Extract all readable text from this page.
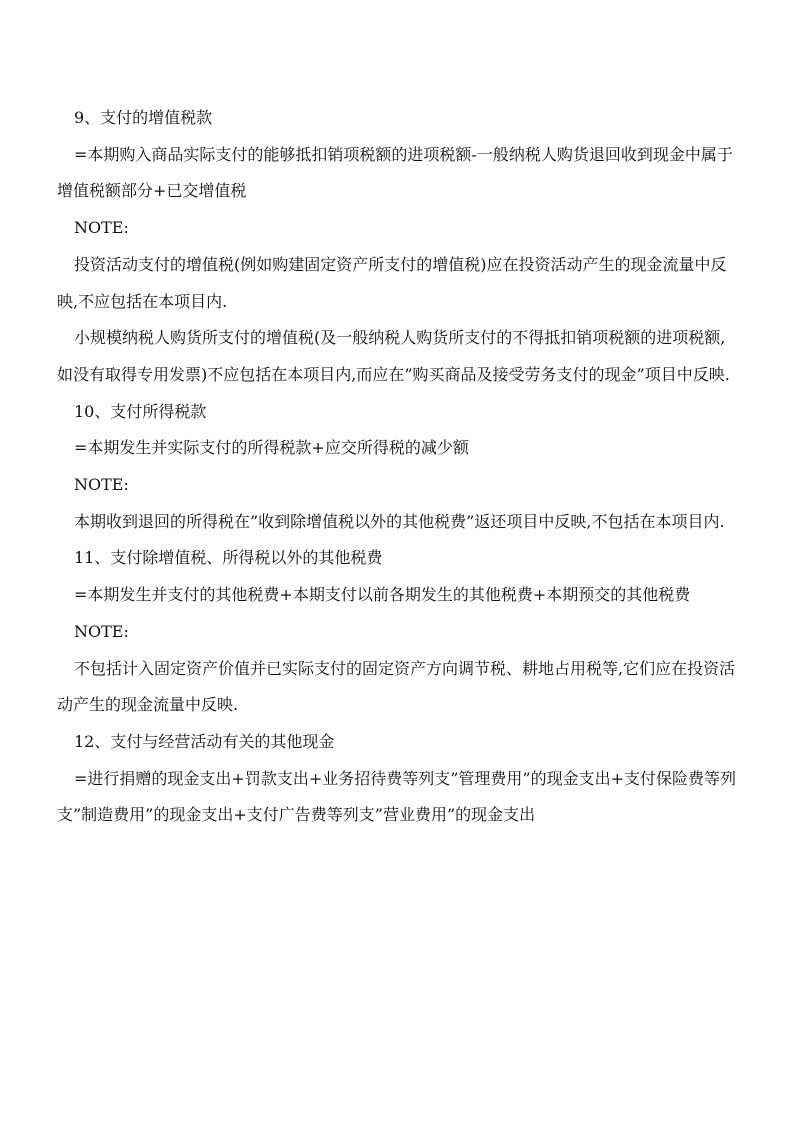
9、支付的增值税款

=本期购入商品实际支付的能够抵扣销项税额的进项税额-一般纳税人购货退回收到现金中属于增值税额部分+已交增值税

NOTE:

投资活动支付的增值税(例如购建固定资产所支付的增值税)应在投资活动产生的现金流量中反映,不应包括在本项目内.

小规模纳税人购货所支付的增值税(及一般纳税人购货所支付的不得抵扣销项税额的进项税额,如没有取得专用发票)不应包括在本项目内,而应在”购买商品及接受劳务支付的现金”项目中反映.

10、支付所得税款

=本期发生并实际支付的所得税款+应交所得税的减少额

NOTE:

本期收到退回的所得税在”收到除增值税以外的其他税费”返还项目中反映,不包括在本项目内.

11、支付除增值税、所得税以外的其他税费

=本期发生并支付的其他税费+本期支付以前各期发生的其他税费+本期预交的其他税费

NOTE:

不包括计入固定资产价值并已实际支付的固定资产方向调节税、耕地占用税等,它们应在投资活动产生的现金流量中反映.

12、支付与经营活动有关的其他现金

=进行捐赠的现金支出+罚款支出+业务招待费等列支”管理费用”的现金支出+支付保险费等列支”制造费用”的现金支出+支付广告费等列支”营业费用”的现金支出
